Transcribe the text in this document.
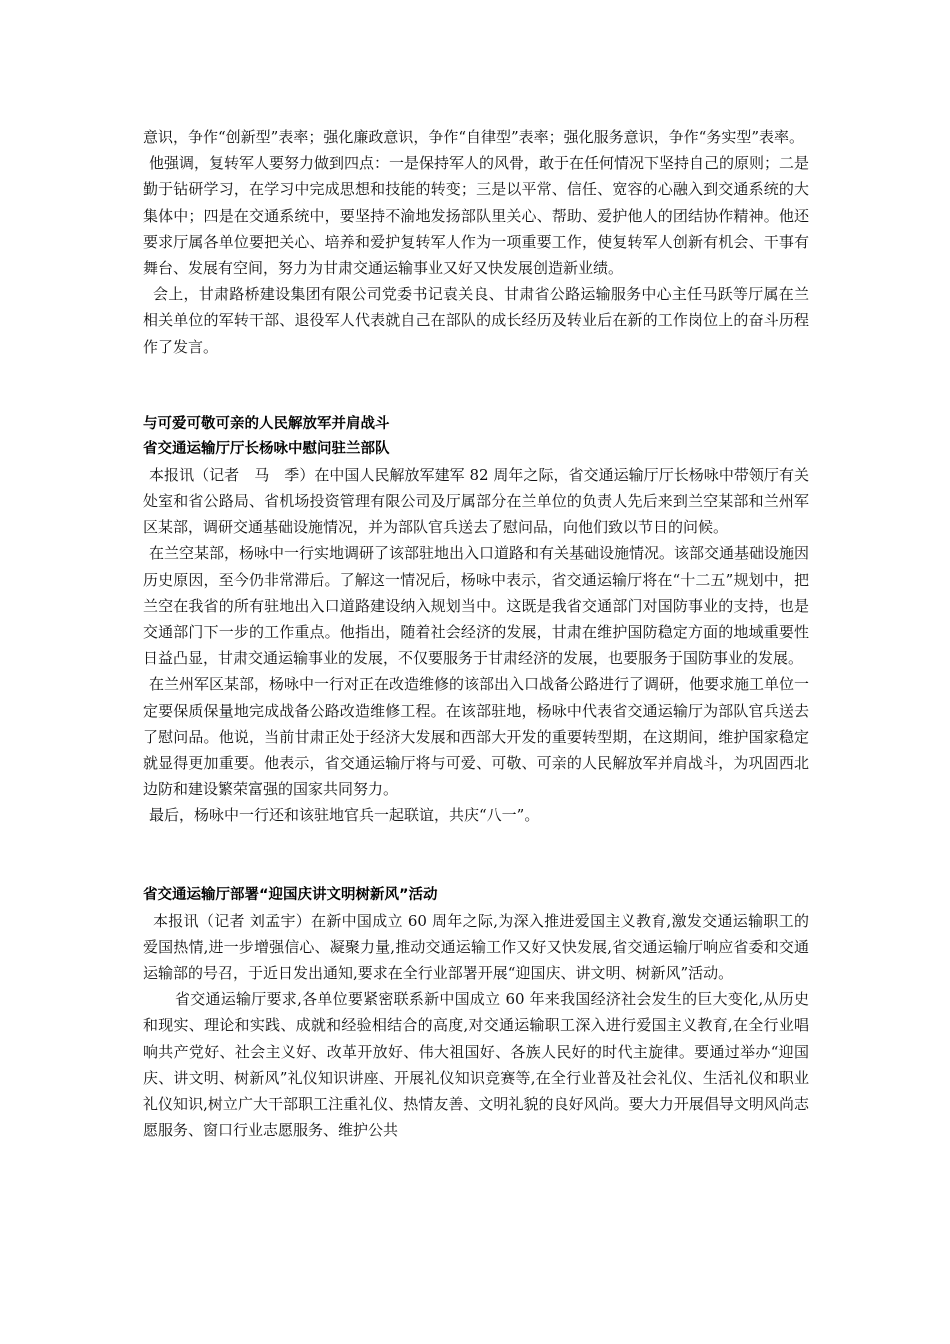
意识，争作“创新型”表率；强化廉政意识，争作“自律型”表率；强化服务意识，争作“务实型”表率。

他强调，复转军人要努力做到四点：一是保持军人的风骨，敢于在任何情况下坚持自己的原则；二是勤于钻研学习，在学习中完成思想和技能的转变；三是以平常、信任、宽容的心融入到交通系统的大集体中；四是在交通系统中，要坚持不渝地发扬部队里关心、帮助、爱护他人的团结协作精神。他还要求厅属各单位要把关心、培养和爱护复转军人作为一项重要工作，使复转军人创新有机会、干事有舞台、发展有空间，努力为甘肃交通运输事业又好又快发展创造新业绩。

会上，甘肃路桥建设集团有限公司党委书记袁关良、甘肃省公路运输服务中心主任马跃等厅属在兰相关单位的军转干部、退役军人代表就自己在部队的成长经历及转业后在新的工作岗位上的奋斗历程作了发言。

与可爱可敬可亲的人民解放军并肩战斗
省交通运输厅厅长杨咏中慰问驻兰部队

本报讯（记者　马　季）在中国人民解放军建军 82 周年之际，省交通运输厅厅长杨咏中带领厅有关处室和省公路局、省机场投资管理有限公司及厅属部分在兰单位的负责人先后来到兰空某部和兰州军区某部，调研交通基础设施情况，并为部队官兵送去了慰问品，向他们致以节日的问候。

在兰空某部，杨咏中一行实地调研了该部驻地出入口道路和有关基础设施情况。该部交通基础设施因历史原因，至今仍非常滞后。了解这一情况后，杨咏中表示，省交通运输厅将在“十二五”规划中，把兰空在我省的所有驻地出入口道路建设纳入规划当中。这既是我省交通部门对国防事业的支持，也是交通部门下一步的工作重点。他指出，随着社会经济的发展，甘肃在维护国防稳定方面的地域重要性日益凸显，甘肃交通运输事业的发展，不仅要服务于甘肃经济的发展，也要服务于国防事业的发展。

在兰州军区某部，杨咏中一行对正在改造维修的该部出入口战备公路进行了调研，他要求施工单位一定要保质保量地完成战备公路改造维修工程。在该部驻地，杨咏中代表省交通运输厅为部队官兵送去了慰问品。他说，当前甘肃正处于经济大发展和西部大开发的重要转型期，在这期间，维护国家稳定就显得更加重要。他表示，省交通运输厅将与可爱、可敬、可亲的人民解放军并肩战斗，为巩固西北边防和建设繁荣富强的国家共同努力。

最后，杨咏中一行还和该驻地官兵一起联谊，共庆“八一”。

省交通运输厅部署“迎国庆讲文明树新风”活动

本报讯（记者 刘孟宇）在新中国成立 60 周年之际,为深入推进爱国主义教育,激发交通运输职工的爱国热情,进一步增强信心、凝聚力量,推动交通运输工作又好又快发展,省交通运输厅响应省委和交通运输部的号召，于近日发出通知,要求在全行业部署开展“迎国庆、讲文明、树新风”活动。

省交通运输厅要求,各单位要紧密联系新中国成立 60 年来我国经济社会发生的巨大变化,从历史和现实、理论和实践、成就和经验相结合的高度,对交通运输职工深入进行爱国主义教育,在全行业唱响共产党好、社会主义好、改革开放好、伟大祖国好、各族人民好的时代主旋律。要通过举办“迎国庆、讲文明、树新风”礼仪知识讲座、开展礼仪知识竞赛等,在全行业普及社会礼仪、生活礼仪和职业礼仪知识,树立广大干部职工注重礼仪、热情友善、文明礼貌的良好风尚。要大力开展倡导文明风尚志愿服务、窗口行业志愿服务、维护公共
